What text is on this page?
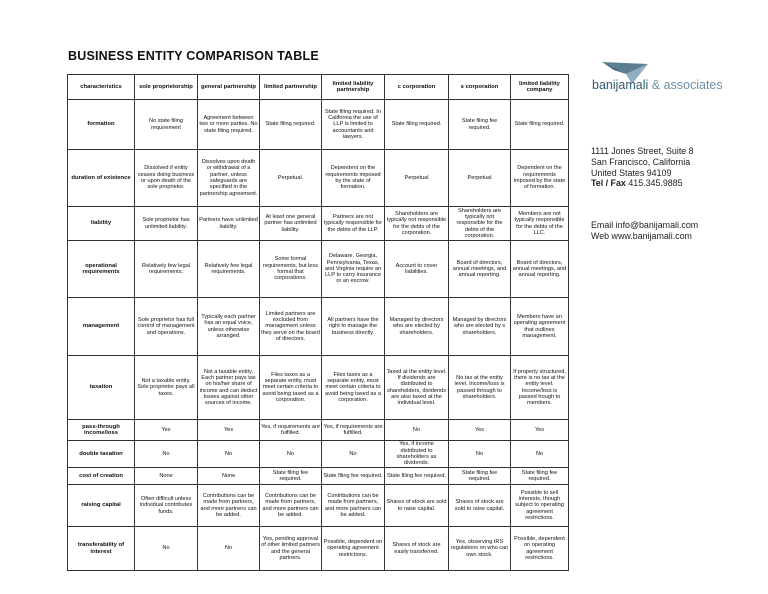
BUSINESS ENTITY COMPARISON TABLE
characteristics	sole proprietorship	general partnership	limited partnership	limited liability partnership	c corporation	s corporation	limited liability company
formation	No state filing requirement	Agreement between two or more parties. No state filing required.	State filing required.	State filing required. In California the use of LLP is limited to accountants and lawyers.	State filing required.	State filing fee required.	State filing required.
duration of existence	Dissolved if entity ceases doing business or upon death of the sole proprietor.	Dissolves upon death or withdrawal of a partner, unless safeguards are specified in the partnership agreement.	Perpetual.	Dependent on the requirements imposed by the state of formation.	Perpetual	Perpetual	Dependent on the requirements imposed by the state of formation.
liability	Sole proprietor has unlimited liability.	Partners have unlimited liability.	At least one general partner has unlimited liability.	Partners are not typically responsible for the debts of the LLP.	Shareholders are typically not responsible for the debts of the corporation.	Shareholders are typically not responsible for the debts of the corporation.	Members are not typically responsible for the debts of the LLC.
operational requirements	Relatively few legal requirements.	Relatively few legal requirements.	Some formal requirements, but less formal that corporations.	Delaware, Georgia, Pennsylvania, Texas, and Virginia require an LLP to carry insurance or an escrow.	Account to cover liabilities.	Board of directors, annual meetings, and annual reporting.	Board of directors, annual meetings, and annual reporting.
management	Sole proprietor has full control of management and operations.	Typically each partner has an equal voice, unless otherwise arranged.	Limited partners are excluded from management unless they serve on the board of directors.	All partners have the right to manage the business directly.	Managed by directors who are elected by shareholders.	Managed by directors who are elected by s shareholders.	Members have an operating agreement that outlines management.
taxation	Not a taxable entity. Sole proprietor pays all taxes.	Not a taxable entity. Each partner pays tax on his/her share of income and can deduct losses against other sources of income.	Files taxes as a separate entity, must meet certain criteria to avoid being taxed as a corporation.	Files taxes as a separate entity, must meet certain criteria to avoid being taxed as a corporation.	Taxed at the entity level. If dividends are distributed to shareholders, dividends are also taxed at the individual level.	No tax at the entity level. Income/loss is passed through to shareholders.	If properly structured, there is no tax at the entity level. Income/loss is passed trough to members.
pass-through income/loss	Yes	Yes	Yes, if requirements are fulfilled.	Yes, if requirements are fulfilled.	No	Yes	Yes
double taxation	No	No	No	No	Yes, if income distributed to shareholders as dividends.	No	No
cost of creation	None	None	State filing fee required.	State filing fee required.	State filing fee required.	State filing fee required.	State filing fee required.
raising capital	Often difficult unless individual contributes funds.	Contributions can be made from partners, and more partners can be added.	Contributions can be made from partners, and more partners can be added.	Contributions can be made from partners, and more partners can be added.	Shares of stock are sold to raise capital.	Shares of stock are sold to raise capital.	Possible to sell interests, though subject to operating agreement restrictions.
transferability of interest	No	No	Yes, pending approval of other limited partners and the general partners.	Possible, dependent on operating agreement restrictions.	Shares of stock are easily transferred.	Yes, observing IRS regulations on who can own stock.	Possible, dependent on operating agreement restrictions.
banijamali & associates
1111 Jones Street, Suite 8
San Francisco, California
United States 94109
Tel / Fax 415.345.9885
Email info@banijamali.com
Web www.banijamali.com
